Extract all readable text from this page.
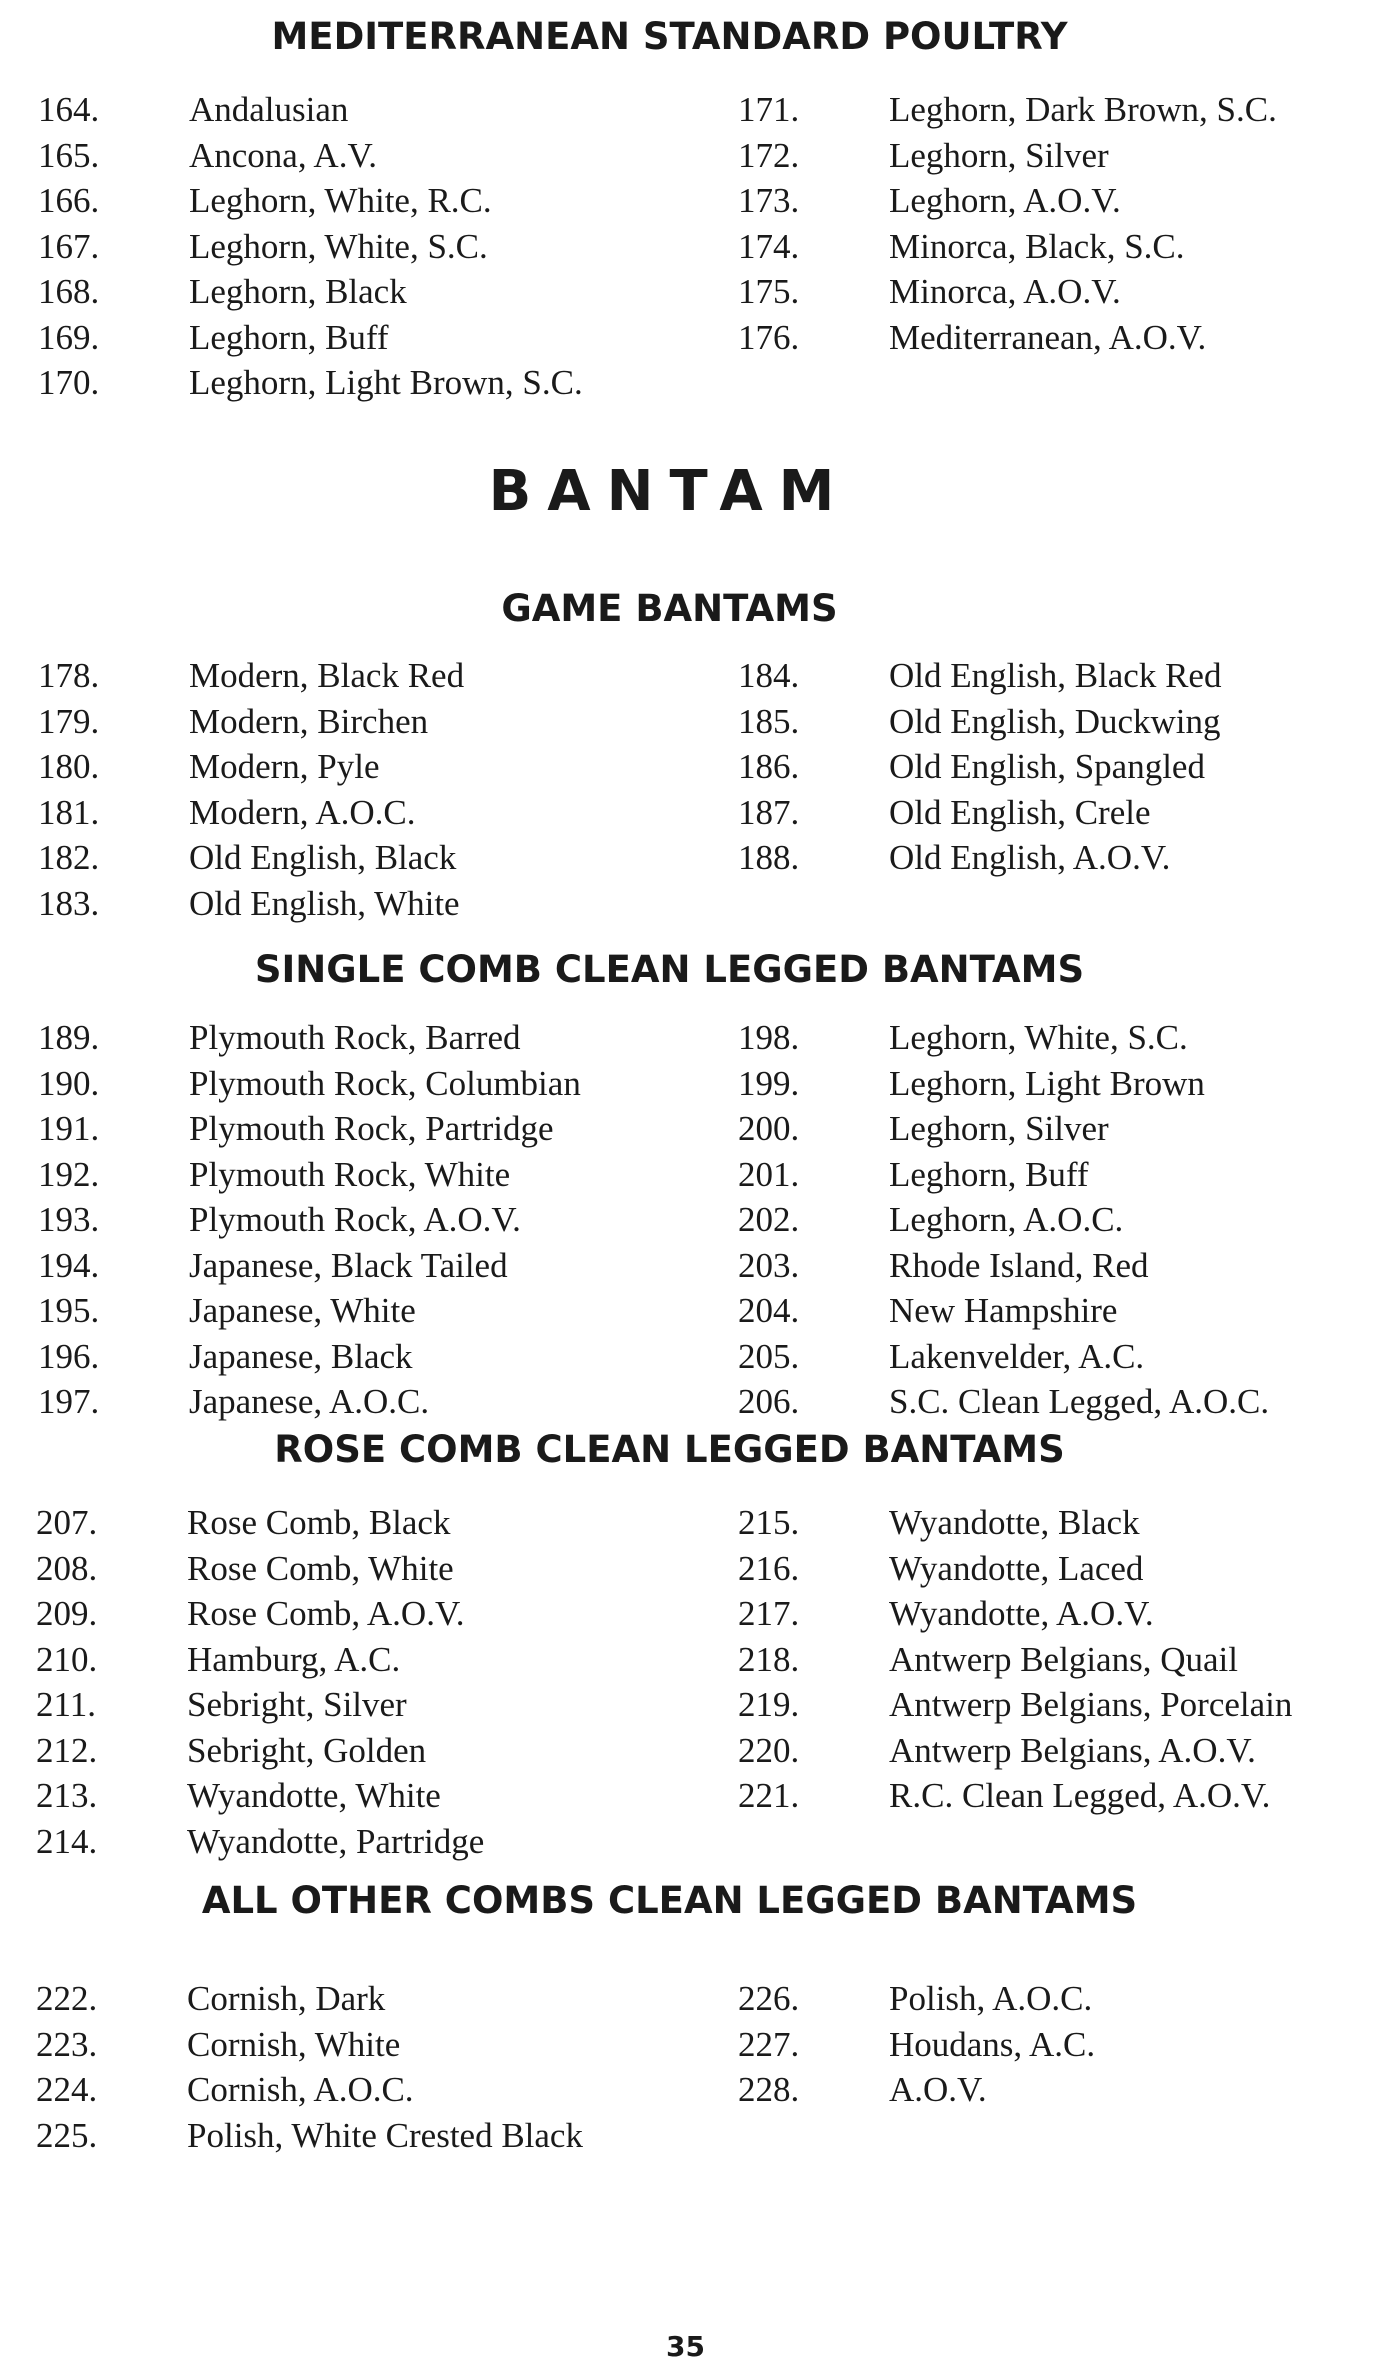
MEDITERRANEAN STANDARD POULTRY
BANTAM
GAME BANTAMS
SINGLE COMB CLEAN LEGGED BANTAMS
ROSE COMB CLEAN LEGGED BANTAMS
ALL OTHER COMBS CLEAN LEGGED BANTAMS
164.	Andalusian
165.	Ancona, A.V.
166.	Leghorn, White, R.C.
167.	Leghorn, White, S.C.
168.	Leghorn, Black
169.	Leghorn, Buff
170.	Leghorn, Light Brown, S.C.
171.	Leghorn, Dark Brown, S.C.
172.	Leghorn, Silver
173.	Leghorn, A.O.V.
174.	Minorca, Black, S.C.
175.	Minorca, A.O.V.
176.	Mediterranean, A.O.V.
178.	Modern, Black Red
179.	Modern, Birchen
180.	Modern, Pyle
181.	Modern, A.O.C.
182.	Old English, Black
183.	Old English, White
184.	Old English, Black Red
185.	Old English, Duckwing
186.	Old English, Spangled
187.	Old English, Crele
188.	Old English, A.O.V.
189.	Plymouth Rock, Barred
190.	Plymouth Rock, Columbian
191.	Plymouth Rock, Partridge
192.	Plymouth Rock, White
193.	Plymouth Rock, A.O.V.
194.	Japanese, Black Tailed
195.	Japanese, White
196.	Japanese, Black
197.	Japanese, A.O.C.
198.	Leghorn, White, S.C.
199.	Leghorn, Light Brown
200.	Leghorn, Silver
201.	Leghorn, Buff
202.	Leghorn, A.O.C.
203.	Rhode Island, Red
204.	New Hampshire
205.	Lakenvelder, A.C.
206.	S.C. Clean Legged, A.O.C.
207.	Rose Comb, Black
208.	Rose Comb, White
209.	Rose Comb, A.O.V.
210.	Hamburg, A.C.
211.	Sebright, Silver
212.	Sebright, Golden
213.	Wyandotte, White
214.	Wyandotte, Partridge
215.	Wyandotte, Black
216.	Wyandotte, Laced
217.	Wyandotte, A.O.V.
218.	Antwerp Belgians, Quail
219.	Antwerp Belgians, Porcelain
220.	Antwerp Belgians, A.O.V.
221.	R.C. Clean Legged, A.O.V.
222.	Cornish, Dark
223.	Cornish, White
224.	Cornish, A.O.C.
225.	Polish, White Crested Black
226.	Polish, A.O.C.
227.	Houdans, A.C.
228.	A.O.V.
35
